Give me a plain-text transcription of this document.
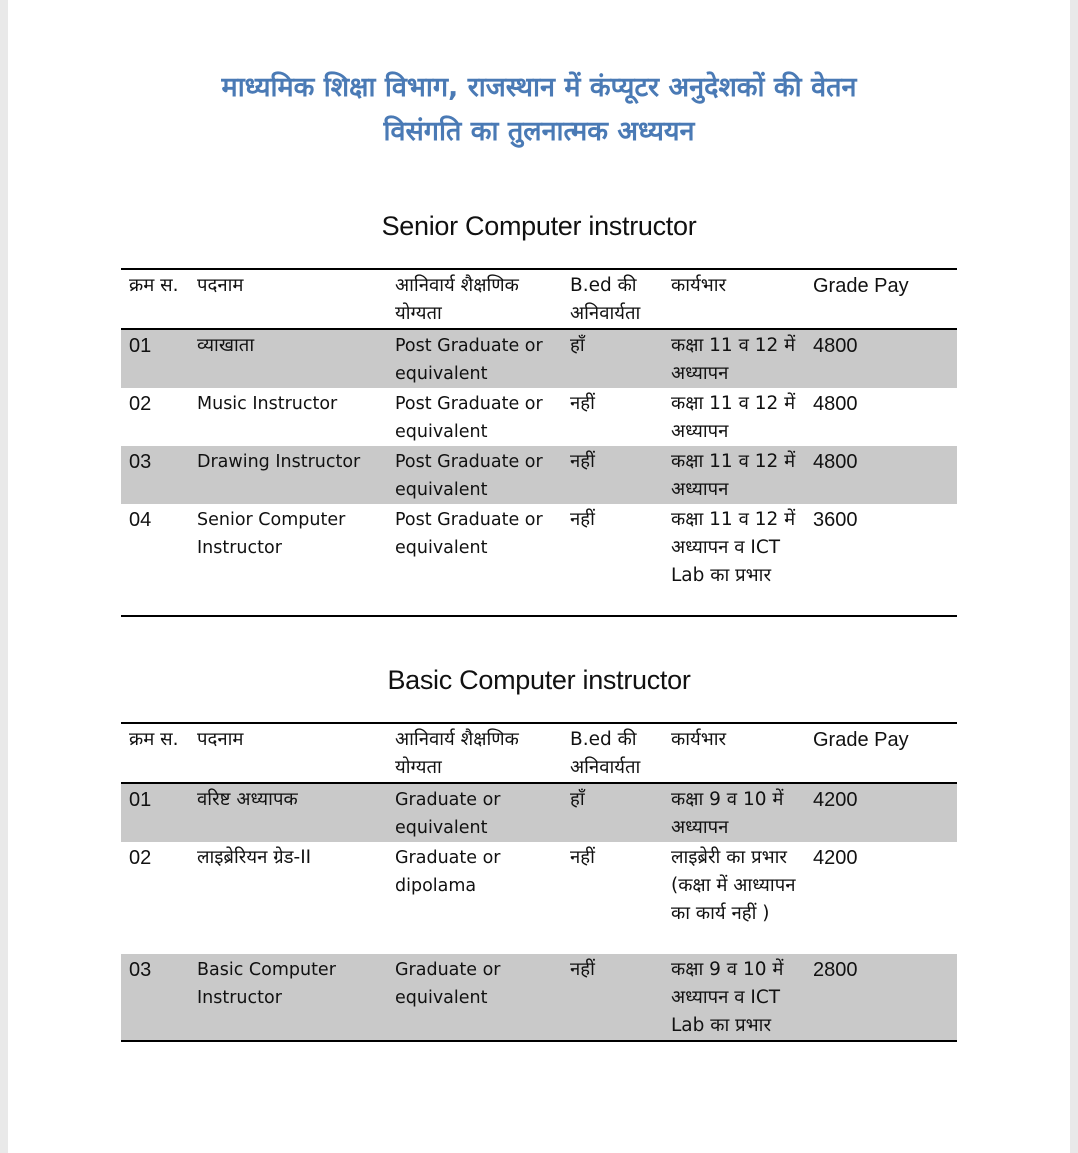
माध्यमिक शिक्षा विभाग, राजस्थान में कंप्यूटर अनुदेशकों की वेतन
विसंगति का तुलनात्मक अध्ययन
Senior Computer instructor
क्रम स.	पदनाम	आनिवार्य शैक्षणिक योग्यता	B.ed की अनिवार्यता	कार्यभार	Grade Pay
01	व्याखाता	Post Graduate or equivalent	हाँ	कक्षा 11 व 12 में अध्यापन	4800
02	Music Instructor	Post Graduate or equivalent	नहीं	कक्षा 11 व 12 में अध्यापन	4800
03	Drawing Instructor	Post Graduate or equivalent	नहीं	कक्षा 11 व 12 में अध्यापन	4800
04	Senior Computer Instructor	Post Graduate or equivalent	नहीं	कक्षा 11 व 12 में अध्यापन व ICT Lab का प्रभार	3600
Basic Computer instructor
क्रम स.	पदनाम	आनिवार्य शैक्षणिक योग्यता	B.ed की अनिवार्यता	कार्यभार	Grade Pay
01	वरिष्ट अध्यापक	Graduate or equivalent	हाँ	कक्षा 9 व 10 में अध्यापन	4200
02	लाइब्रेरियन ग्रेड-II	Graduate or dipolama	नहीं	लाइब्रेरी का प्रभार (कक्षा में आध्यापन का कार्य नहीं )	4200
03	Basic Computer Instructor	Graduate or equivalent	नहीं	कक्षा 9 व 10 में अध्यापन व ICT Lab का प्रभार	2800
